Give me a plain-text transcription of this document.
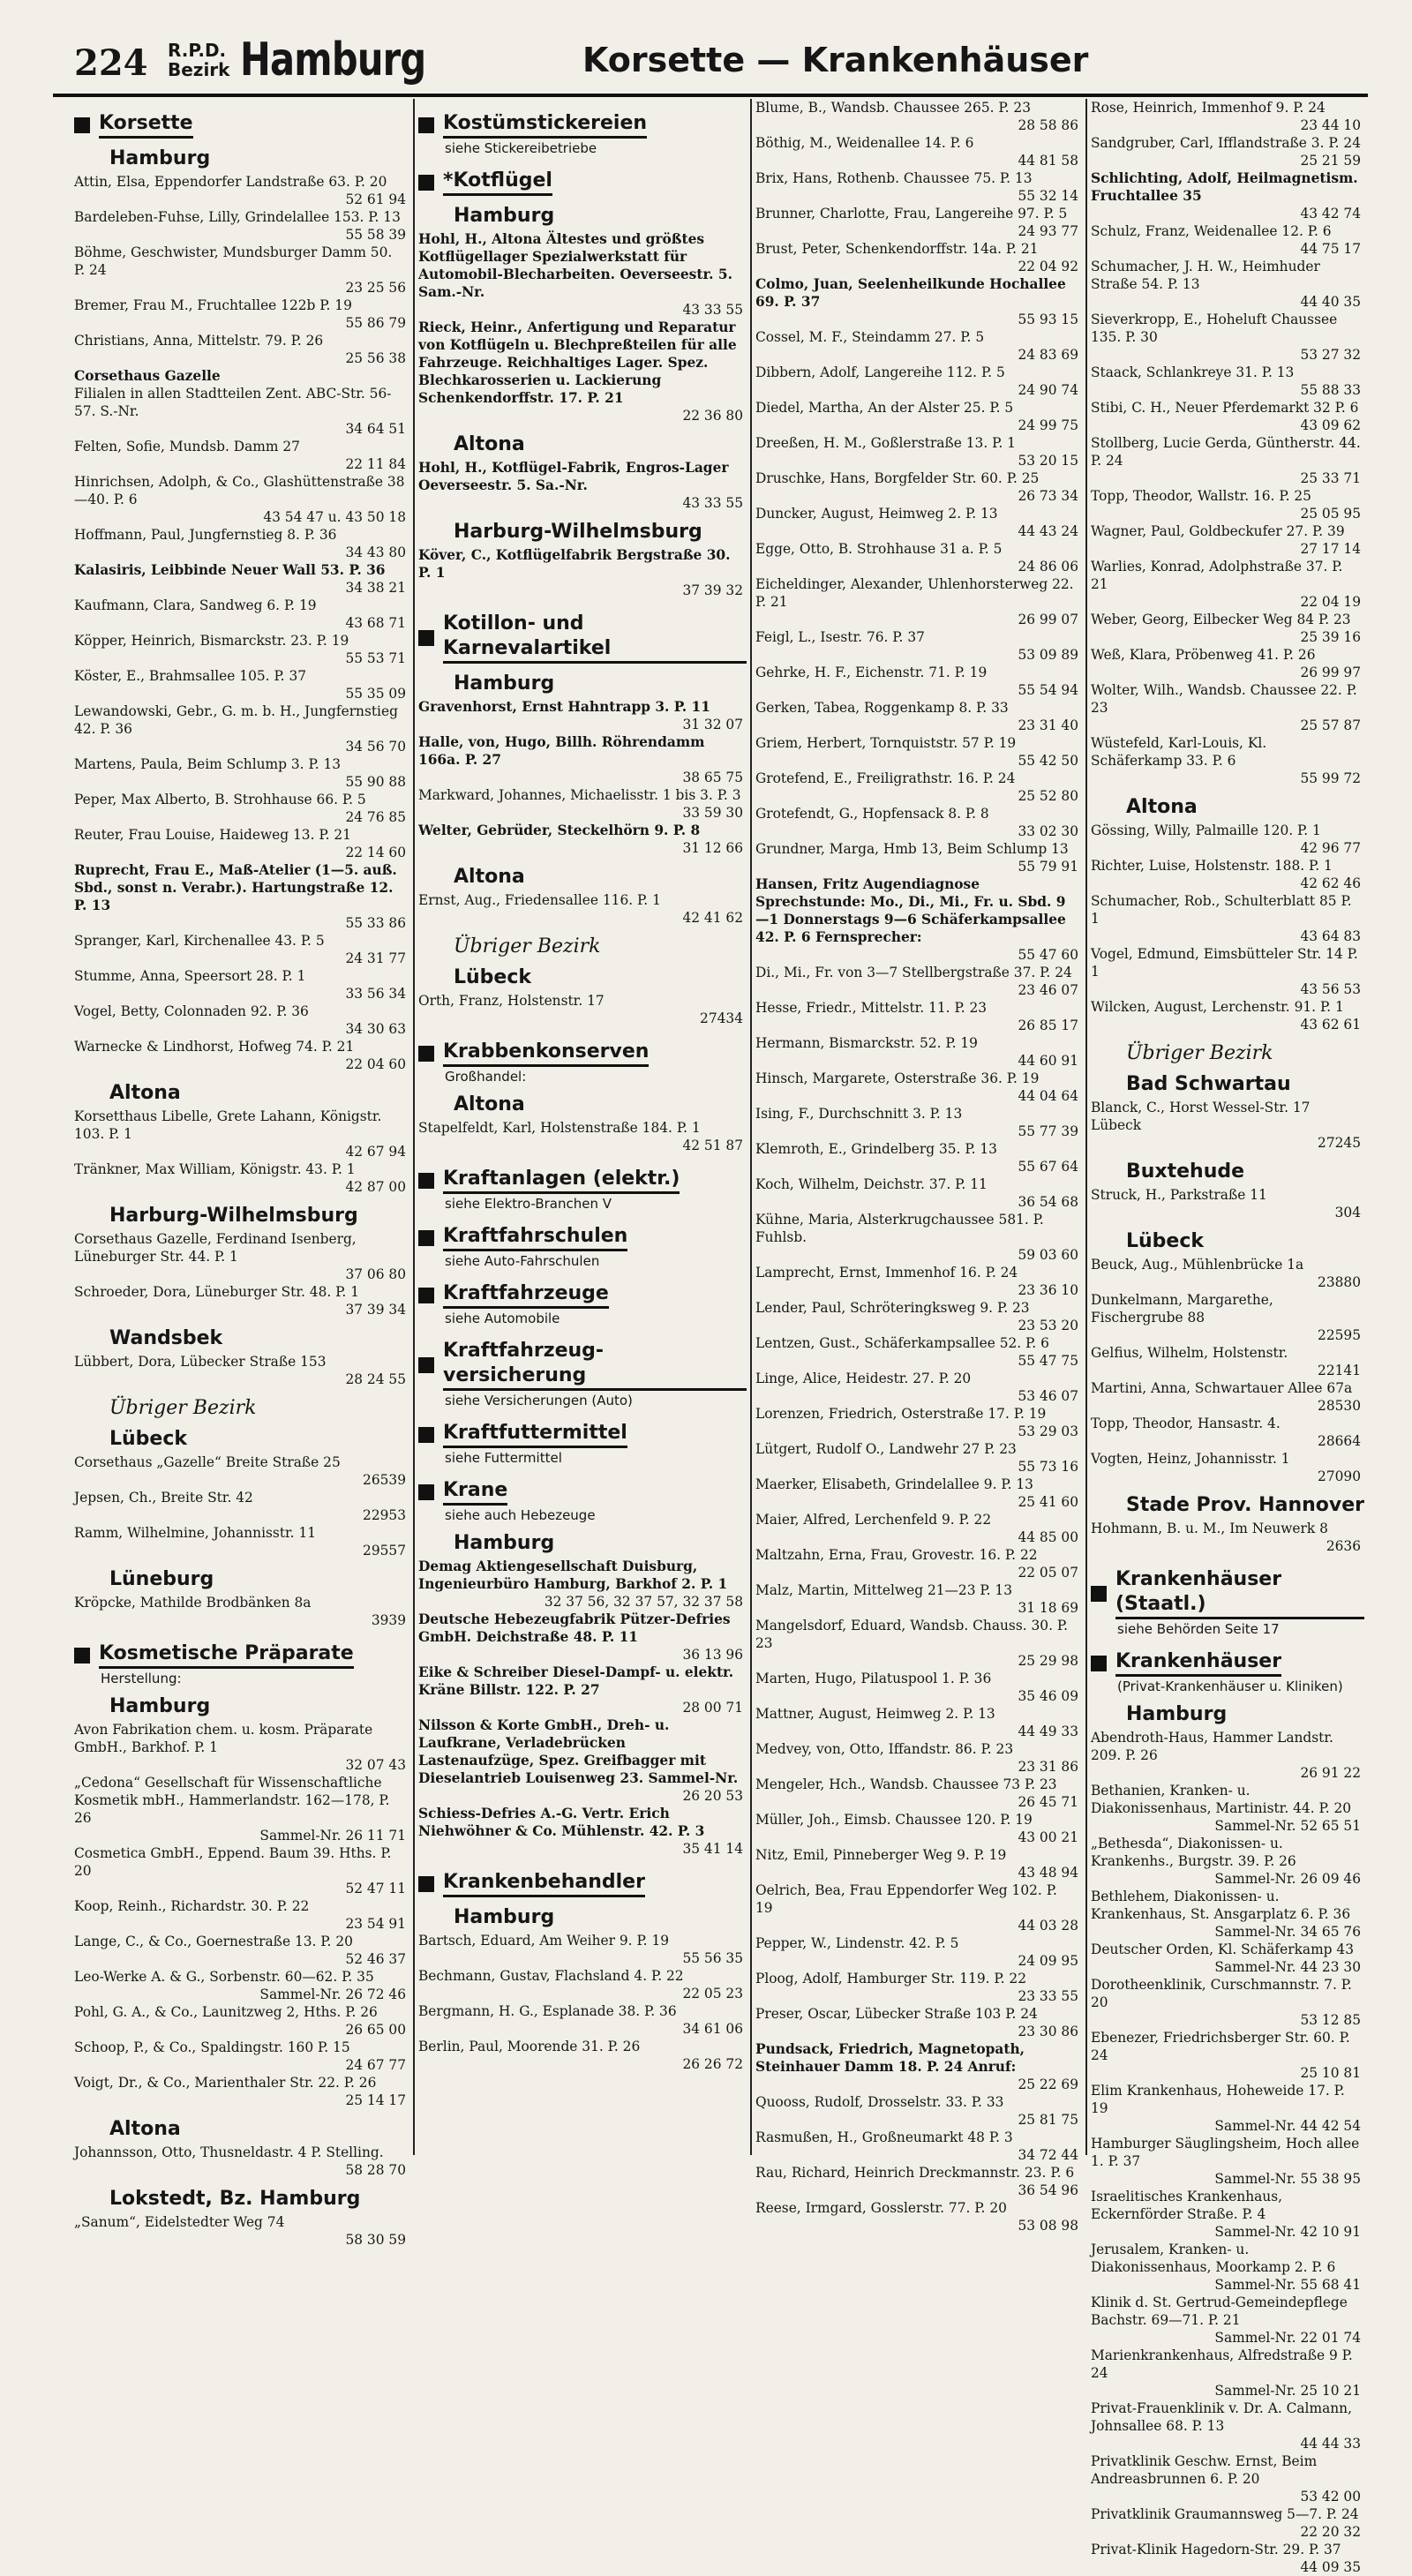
224 R.P.D.
Bezirk Hamburg	Korsette — Krankenhäuser
Korsette
Hamburg
Attin, Elsa, Eppendorfer Landstraße 63. P. 20
52 61 94
Bardeleben-Fuhse, Lilly, Grindelallee 153. P. 13
55 58 39
Böhme, Geschwister, Mundsburger Damm 50. P. 24
23 25 56
Bremer, Frau M., Fruchtallee 122b P. 19
55 86 79
Christians, Anna, Mittelstr. 79. P. 26
25 56 38
Corsethaus Gazelle
Filialen in allen Stadtteilen Zent. ABC-Str. 56-57. S.-Nr.
34 64 51
Felten, Sofie, Mundsb. Damm 27
22 11 84
Hinrichsen, Adolph, & Co., Glashüttenstraße 38—40. P. 6
43 54 47 u. 43 50 18
Hoffmann, Paul, Jungfernstieg 8. P. 36
34 43 80
Kalasiris, Leibbinde Neuer Wall 53. P. 36
34 38 21
Kaufmann, Clara, Sandweg 6. P. 19
43 68 71
Köpper, Heinrich, Bismarckstr. 23. P. 19
55 53 71
Köster, E., Brahmsallee 105. P. 37
55 35 09
Lewandowski, Gebr., G. m. b. H., Jungfernstieg 42. P. 36
34 56 70
Martens, Paula, Beim Schlump 3. P. 13
55 90 88
Peper, Max Alberto, B. Strohhause 66. P. 5
24 76 85
Reuter, Frau Louise, Haideweg 13. P. 21
22 14 60
Ruprecht, Frau E., Maß-Atelier (1—5. auß. Sbd., sonst n. Verabr.). Hartungstraße 12. P. 13
55 33 86
Spranger, Karl, Kirchenallee 43. P. 5
24 31 77
Stumme, Anna, Speersort 28. P. 1
33 56 34
Vogel, Betty, Colonnaden 92. P. 36
34 30 63
Warnecke & Lindhorst, Hofweg 74. P. 21
22 04 60
Altona
Korsetthaus Libelle, Grete Lahann, Königstr. 103. P. 1
42 67 94
Tränkner, Max William, Königstr. 43. P. 1
42 87 00
Harburg-Wilhelmsburg
Corsethaus Gazelle, Ferdinand Isenberg, Lüneburger Str. 44. P. 1
37 06 80
Schroeder, Dora, Lüneburger Str. 48. P. 1
37 39 34
Wandsbek
Lübbert, Dora, Lübecker Straße 153
28 24 55
Übriger Bezirk
Lübeck
Corsethaus „Gazelle“ Breite Straße 25
26539
Jepsen, Ch., Breite Str. 42
22953
Ramm, Wilhelmine, Johannisstr. 11
29557
Lüneburg
Kröpcke, Mathilde Brodbänken 8a
3939
Kosmetische Präparate
Herstellung:
Hamburg
Avon Fabrikation chem. u. kosm. Präparate GmbH., Barkhof. P. 1
32 07 43
„Cedona“ Gesellschaft für Wissenschaftliche Kosmetik mbH., Hammerlandstr. 162—178, P. 26
Sammel-Nr. 26 11 71
Cosmetica GmbH., Eppend. Baum 39. Hths. P. 20
52 47 11
Koop, Reinh., Richardstr. 30. P. 22
23 54 91
Lange, C., & Co., Goernestraße 13. P. 20
52 46 37
Leo-Werke A. & G., Sorbenstr. 60—62. P. 35
Sammel-Nr. 26 72 46
Pohl, G. A., & Co., Launitzweg 2, Hths. P. 26
26 65 00
Schoop, P., & Co., Spaldingstr. 160 P. 15
24 67 77
Voigt, Dr., & Co., Marienthaler Str. 22. P. 26
25 14 17
Altona
Johannsson, Otto, Thusneldastr. 4 P. Stelling.
58 28 70
Lokstedt, Bz. Hamburg
„Sanum“, Eidelstedter Weg 74
58 30 59
Kostümstickereien
siehe Stickereibetriebe
*Kotflügel
Hamburg
Hohl, H., Altona Ältestes und größtes Kotflügellager Spezialwerkstatt für Automobil-Blecharbeiten. Oeverseestr. 5. Sam.-Nr.
43 33 55
Rieck, Heinr., Anfertigung und Reparatur von Kotflügeln u. Blechpreßteilen für alle Fahrzeuge. Reichhaltiges Lager. Spez. Blechkarosserien u. Lackierung Schenkendorffstr. 17. P. 21
22 36 80
Altona
Hohl, H., Kotflügel-Fabrik, Engros-Lager Oeverseestr. 5. Sa.-Nr.
43 33 55
Harburg-Wilhelmsburg
Köver, C., Kotflügelfabrik Bergstraße 30. P. 1
37 39 32
Kotillon- und Karnevalartikel
Hamburg
Gravenhorst, Ernst Hahntrapp 3. P. 11
31 32 07
Halle, von, Hugo, Billh. Röhrendamm 166a. P. 27
38 65 75
Markward, Johannes, Michaelisstr. 1 bis 3. P. 3
33 59 30
Welter, Gebrüder, Steckelhörn 9. P. 8
31 12 66
Altona
Ernst, Aug., Friedensallee 116. P. 1
42 41 62
Übriger Bezirk
Lübeck
Orth, Franz, Holstenstr. 17
27434
Krabbenkonserven
Großhandel:
Altona
Stapelfeldt, Karl, Holstenstraße 184. P. 1
42 51 87
Kraftanlagen (elektr.)
siehe Elektro-Branchen V
Kraftfahrschulen
siehe Auto-Fahrschulen
Kraftfahrzeuge
siehe Automobile
Kraftfahrzeug-versicherung
siehe Versicherungen (Auto)
Kraftfuttermittel
siehe Futtermittel
Krane
siehe auch Hebezeuge
Hamburg
Demag Aktiengesellschaft Duisburg, Ingenieurbüro Hamburg, Barkhof 2. P. 1
32 37 56, 32 37 57, 32 37 58
Deutsche Hebezeugfabrik Pützer-Defries GmbH. Deichstraße 48. P. 11
36 13 96
Eike & Schreiber Diesel-Dampf- u. elektr. Kräne Billstr. 122. P. 27
28 00 71
Nilsson & Korte GmbH., Dreh- u. Laufkrane, Verladebrücken Lastenaufzüge, Spez. Greifbagger mit Dieselantrieb Louisenweg 23. Sammel-Nr.
26 20 53
Schiess-Defries A.-G. Vertr. Erich Niehwöhner & Co. Mühlenstr. 42. P. 3
35 41 14
Krankenbehandler
Hamburg
Bartsch, Eduard, Am Weiher 9. P. 19
55 56 35
Bechmann, Gustav, Flachsland 4. P. 22
22 05 23
Bergmann, H. G., Esplanade 38. P. 36
34 61 06
Berlin, Paul, Moorende 31. P. 26
26 26 72
Blume, B., Wandsb. Chaussee 265. P. 23
28 58 86
Böthig, M., Weidenallee 14. P. 6
44 81 58
Brix, Hans, Rothenb. Chaussee 75. P. 13
55 32 14
Brunner, Charlotte, Frau, Langereihe 97. P. 5
24 93 77
Brust, Peter, Schenkendorffstr. 14a. P. 21
22 04 92
Colmo, Juan, Seelenheilkunde Hochallee 69. P. 37
55 93 15
Cossel, M. F., Steindamm 27. P. 5
24 83 69
Dibbern, Adolf, Langereihe 112. P. 5
24 90 74
Diedel, Martha, An der Alster 25. P. 5
24 99 75
Dreeßen, H. M., Goßlerstraße 13. P. 1
53 20 15
Druschke, Hans, Borgfelder Str. 60. P. 25
26 73 34
Duncker, August, Heimweg 2. P. 13
44 43 24
Egge, Otto, B. Strohhause 31 a. P. 5
24 86 06
Eicheldinger, Alexander, Uhlenhorsterweg 22. P. 21
26 99 07
Feigl, L., Isestr. 76. P. 37
53 09 89
Gehrke, H. F., Eichenstr. 71. P. 19
55 54 94
Gerken, Tabea, Roggenkamp 8. P. 33
23 31 40
Griem, Herbert, Tornquiststr. 57 P. 19
55 42 50
Grotefend, E., Freiligrathstr. 16. P. 24
25 52 80
Grotefendt, G., Hopfensack 8. P. 8
33 02 30
Grundner, Marga, Hmb 13, Beim Schlump 13
55 79 91
Hansen, Fritz Augendiagnose Sprechstunde: Mo., Di., Mi., Fr. u. Sbd. 9—1 Donnerstags 9—6 Schäferkampsallee 42. P. 6 Fernsprecher:
55 47 60
Di., Mi., Fr. von 3—7 Stellbergstraße 37. P. 24
23 46 07
Hesse, Friedr., Mittelstr. 11. P. 23
26 85 17
Hermann, Bismarckstr. 52. P. 19
44 60 91
Hinsch, Margarete, Osterstraße 36. P. 19
44 04 64
Ising, F., Durchschnitt 3. P. 13
55 77 39
Klemroth, E., Grindelberg 35. P. 13
55 67 64
Koch, Wilhelm, Deichstr. 37. P. 11
36 54 68
Kühne, Maria, Alsterkrugchaussee 581. P. Fuhlsb.
59 03 60
Lamprecht, Ernst, Immenhof 16. P. 24
23 36 10
Lender, Paul, Schröteringksweg 9. P. 23
23 53 20
Lentzen, Gust., Schäferkampsallee 52. P. 6
55 47 75
Linge, Alice, Heidestr. 27. P. 20
53 46 07
Lorenzen, Friedrich, Osterstraße 17. P. 19
53 29 03
Lütgert, Rudolf O., Landwehr 27 P. 23
55 73 16
Maerker, Elisabeth, Grindelallee 9. P. 13
25 41 60
Maier, Alfred, Lerchenfeld 9. P. 22
44 85 00
Maltzahn, Erna, Frau, Grovestr. 16. P. 22
22 05 07
Malz, Martin, Mittelweg 21—23 P. 13
31 18 69
Mangelsdorf, Eduard, Wandsb. Chauss. 30. P. 23
25 29 98
Marten, Hugo, Pilatuspool 1. P. 36
35 46 09
Mattner, August, Heimweg 2. P. 13
44 49 33
Medvey, von, Otto, Iffandstr. 86. P. 23
23 31 86
Mengeler, Hch., Wandsb. Chaussee 73 P. 23
26 45 71
Müller, Joh., Eimsb. Chaussee 120. P. 19
43 00 21
Nitz, Emil, Pinneberger Weg 9. P. 19
43 48 94
Oelrich, Bea, Frau Eppendorfer Weg 102. P. 19
44 03 28
Pepper, W., Lindenstr. 42. P. 5
24 09 95
Ploog, Adolf, Hamburger Str. 119. P. 22
23 33 55
Preser, Oscar, Lübecker Straße 103 P. 24
23 30 86
Pundsack, Friedrich, Magnetopath, Steinhauer Damm 18. P. 24 Anruf:
25 22 69
Quooss, Rudolf, Drosselstr. 33. P. 33
25 81 75
Rasmußen, H., Großneumarkt 48 P. 3
34 72 44
Rau, Richard, Heinrich Dreckmannstr. 23. P. 6
36 54 96
Reese, Irmgard, Gosslerstr. 77. P. 20
53 08 98
Rose, Heinrich, Immenhof 9. P. 24
23 44 10
Sandgruber, Carl, Ifflandstraße 3. P. 24
25 21 59
Schlichting, Adolf, Heilmagnetism. Fruchtallee 35
43 42 74
Schulz, Franz, Weidenallee 12. P. 6
44 75 17
Schumacher, J. H. W., Heimhuder Straße 54. P. 13
44 40 35
Sieverkropp, E., Hoheluft Chaussee 135. P. 30
53 27 32
Staack, Schlankreye 31. P. 13
55 88 33
Stibi, C. H., Neuer Pferdemarkt 32 P. 6
43 09 62
Stollberg, Lucie Gerda, Güntherstr. 44. P. 24
25 33 71
Topp, Theodor, Wallstr. 16. P. 25
25 05 95
Wagner, Paul, Goldbeckufer 27. P. 39
27 17 14
Warlies, Konrad, Adolphstraße 37. P. 21
22 04 19
Weber, Georg, Eilbecker Weg 84 P. 23
25 39 16
Weß, Klara, Pröbenweg 41. P. 26
26 99 97
Wolter, Wilh., Wandsb. Chaussee 22. P. 23
25 57 87
Wüstefeld, Karl-Louis, Kl. Schäferkamp 33. P. 6
55 99 72
Altona
Gössing, Willy, Palmaille 120. P. 1
42 96 77
Richter, Luise, Holstenstr. 188. P. 1
42 62 46
Schumacher, Rob., Schulterblatt 85 P. 1
43 64 83
Vogel, Edmund, Eimsbütteler Str. 14 P. 1
43 56 53
Wilcken, August, Lerchenstr. 91. P. 1
43 62 61
Übriger Bezirk
Bad Schwartau
Blanck, C., Horst Wessel-Str. 17 Lübeck
27245
Buxtehude
Struck, H., Parkstraße 11
304
Lübeck
Beuck, Aug., Mühlenbrücke 1a
23880
Dunkelmann, Margarethe, Fischergrube 88
22595
Gelfius, Wilhelm, Holstenstr.
22141
Martini, Anna, Schwartauer Allee 67a
28530
Topp, Theodor, Hansastr. 4.
28664
Vogten, Heinz, Johannisstr. 1
27090
Stade Prov. Hannover
Hohmann, B. u. M., Im Neuwerk 8
2636
Krankenhäuser (Staatl.)
siehe Behörden Seite 17
Krankenhäuser
(Privat-Krankenhäuser u. Kliniken)
Hamburg
Abendroth-Haus, Hammer Landstr. 209. P. 26
26 91 22
Bethanien, Kranken- u. Diakonissenhaus, Martinistr. 44. P. 20
Sammel-Nr. 52 65 51
„Bethesda“, Diakonissen- u. Krankenhs., Burgstr. 39. P. 26
Sammel-Nr. 26 09 46
Bethlehem, Diakonissen- u. Krankenhaus, St. Ansgarplatz 6. P. 36
Sammel-Nr. 34 65 76
Deutscher Orden, Kl. Schäferkamp 43
Sammel-Nr. 44 23 30
Dorotheenklinik, Curschmannstr. 7. P. 20
53 12 85
Ebenezer, Friedrichsberger Str. 60. P. 24
25 10 81
Elim Krankenhaus, Hoheweide 17. P. 19
Sammel-Nr. 44 42 54
Hamburger Säuglingsheim, Hoch allee 1. P. 37
Sammel-Nr. 55 38 95
Israelitisches Krankenhaus, Eckernförder Straße. P. 4
Sammel-Nr. 42 10 91
Jerusalem, Kranken- u. Diakonissenhaus, Moorkamp 2. P. 6
Sammel-Nr. 55 68 41
Klinik d. St. Gertrud-Gemeindepflege Bachstr. 69—71. P. 21
Sammel-Nr. 22 01 74
Marienkrankenhaus, Alfredstraße 9 P. 24
Sammel-Nr. 25 10 21
Privat-Frauenklinik v. Dr. A. Calmann, Johnsallee 68. P. 13
44 44 33
Privatklinik Geschw. Ernst, Beim Andreasbrunnen 6. P. 20
53 42 00
Privatklinik Graumannsweg 5—7. P. 24
22 20 32
Privat-Klinik Hagedorn-Str. 29. P. 37
44 09 35
